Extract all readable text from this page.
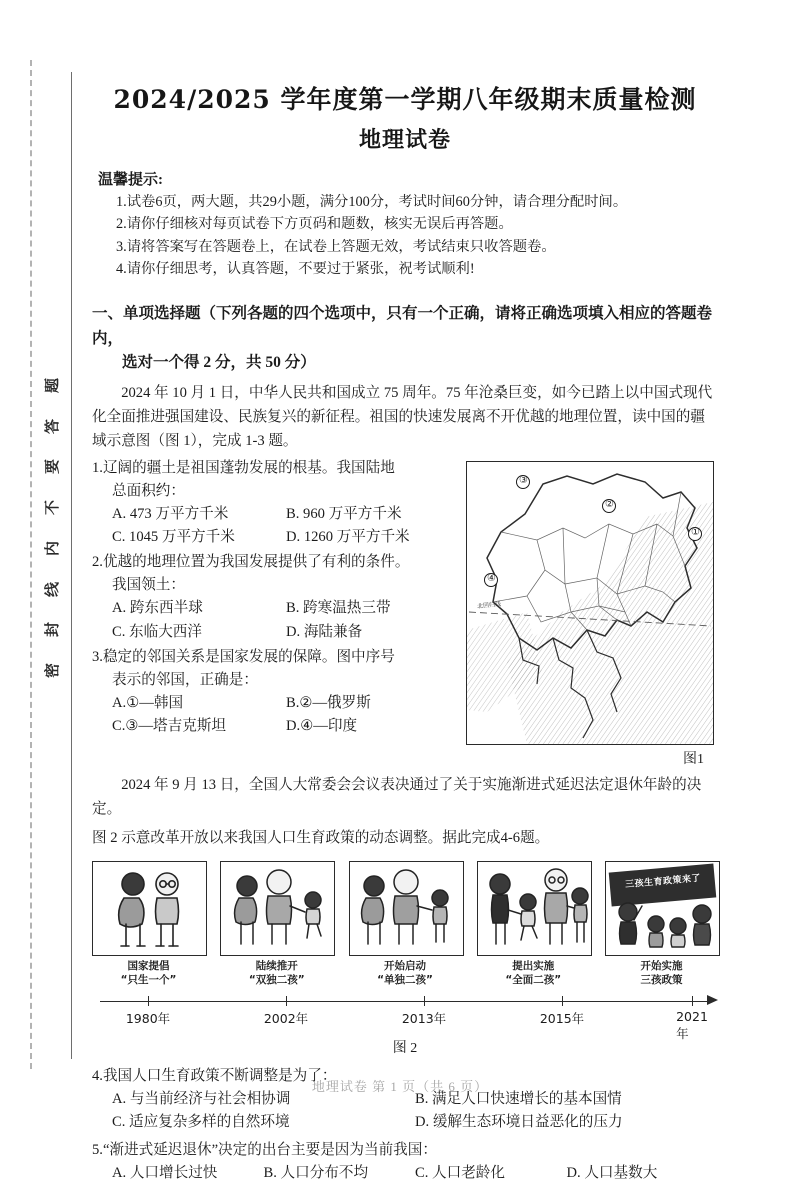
题
答
要
不
内
线
封
密
2024/2025 学年度第一学期八年级期末质量检测
地理试卷
温馨提示:
1.试卷6页，两大题，共29小题，满分100分，考试时间60分钟，请合理分配时间。
2.请你仔细核对每页试卷下方页码和题数，核实无误后再答题。
3.请将答案写在答题卷上，在试卷上答题无效，考试结束只收答题卷。
4.请你仔细思考，认真答题，不要过于紧张，祝考试顺利!
一、单项选择题（下列各题的四个选项中，只有一个正确，请将正确选项填入相应的答题卷内，
选对一个得 2 分，共 50 分）
2024 年 10 月 1 日，中华人民共和国成立 75 周年。75 年沧桑巨变，如今已踏上以中国式现代化全面推进强国建设、民族复兴的新征程。祖国的快速发展离不开优越的地理位置，读中国的疆域示意图（图 1），完成 1-3 题。
1.辽阔的疆土是祖国蓬勃发展的根基。我国陆地
总面积约：
A. 473 万平方千米	B. 960 万平方千米
C. 1045 万平方千米	D. 1260 万平方千米
2.优越的地理位置为我国发展提供了有利的条件。
我国领土：
A. 跨东西半球	B. 跨寒温热三带
C. 东临大西洋	D. 海陆兼备
3.稳定的邻国关系是国家发展的保障。图中序号
表示的邻国，正确是：
A.①—韩国	B.②—俄罗斯
C.③—塔吉克斯坦	D.④—印度
①
②
③
④
北回归线
图1
2024 年 9 月 13 日，全国人大常委会会议表决通过了关于实施渐进式延迟法定退休年龄的决定。
图 2 示意改革开放以来我国人口生育政策的动态调整。据此完成4-6题。
国家提倡
“只生一个”
陆续推开
“双独二孩”
开始启动
“单独二孩”
提出实施
“全面二孩”
三孩生育政策来了
开始实施
三孩政策
1980年	2002年	2013年	2015年	2021年
图 2
4.我国人口生育政策不断调整是为了：
A. 与当前经济与社会相协调	B. 满足人口快速增长的基本国情
C. 适应复杂多样的自然环境	D. 缓解生态环境日益恶化的压力
5.“渐进式延迟退休”决定的出台主要是因为当前我国：
A. 人口增长过快	B. 人口分布不均	C. 人口老龄化	D. 人口基数大
地理试卷 第 1 页（共 6 页）
